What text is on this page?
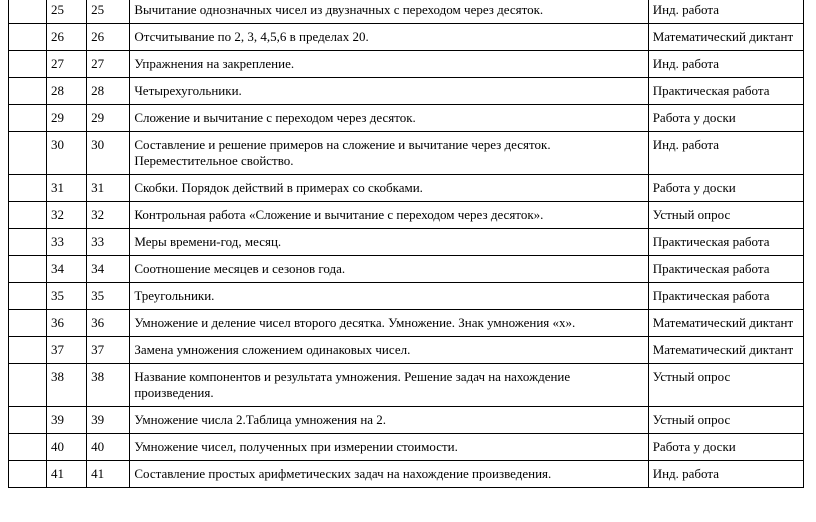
	25	25	Вычитание однозначных чисел из двузначных с переходом через десяток.	Инд. работа
	26	26	Отсчитывание по 2, 3, 4,5,6 в пределах 20.	Математический диктант
	27	27	Упражнения на закрепление.	Инд. работа
	28	28	Четырехугольники.	Практическая работа
	29	29	Сложение и вычитание с переходом через десяток.	Работа у доски
	30	30	Составление и решение примеров на сложение и вычитание через десяток. Переместительное свойство.	Инд. работа
	31	31	Скобки. Порядок действий в примерах со скобками.	Работа у доски
	32	32	Контрольная работа «Сложение и вычитание с переходом через десяток».	Устный опрос
	33	33	Меры времени-год, месяц.	Практическая работа
	34	34	Соотношение месяцев и сезонов года.	Практическая работа
	35	35	Треугольники.	Практическая работа
	36	36	Умножение и деление чисел второго десятка. Умножение. Знак умножения «х».	Математический диктант
	37	37	Замена умножения сложением одинаковых чисел.	Математический диктант
	38	38	Название компонентов и результата умножения. Решение задач на нахождение произведения.	Устный опрос
	39	39	Умножение числа 2.Таблица умножения на 2.	Устный опрос
	40	40	Умножение чисел, полученных при измерении стоимости.	Работа у доски
	41	41	Составление простых арифметических задач на нахождение произведения.	Инд. работа
